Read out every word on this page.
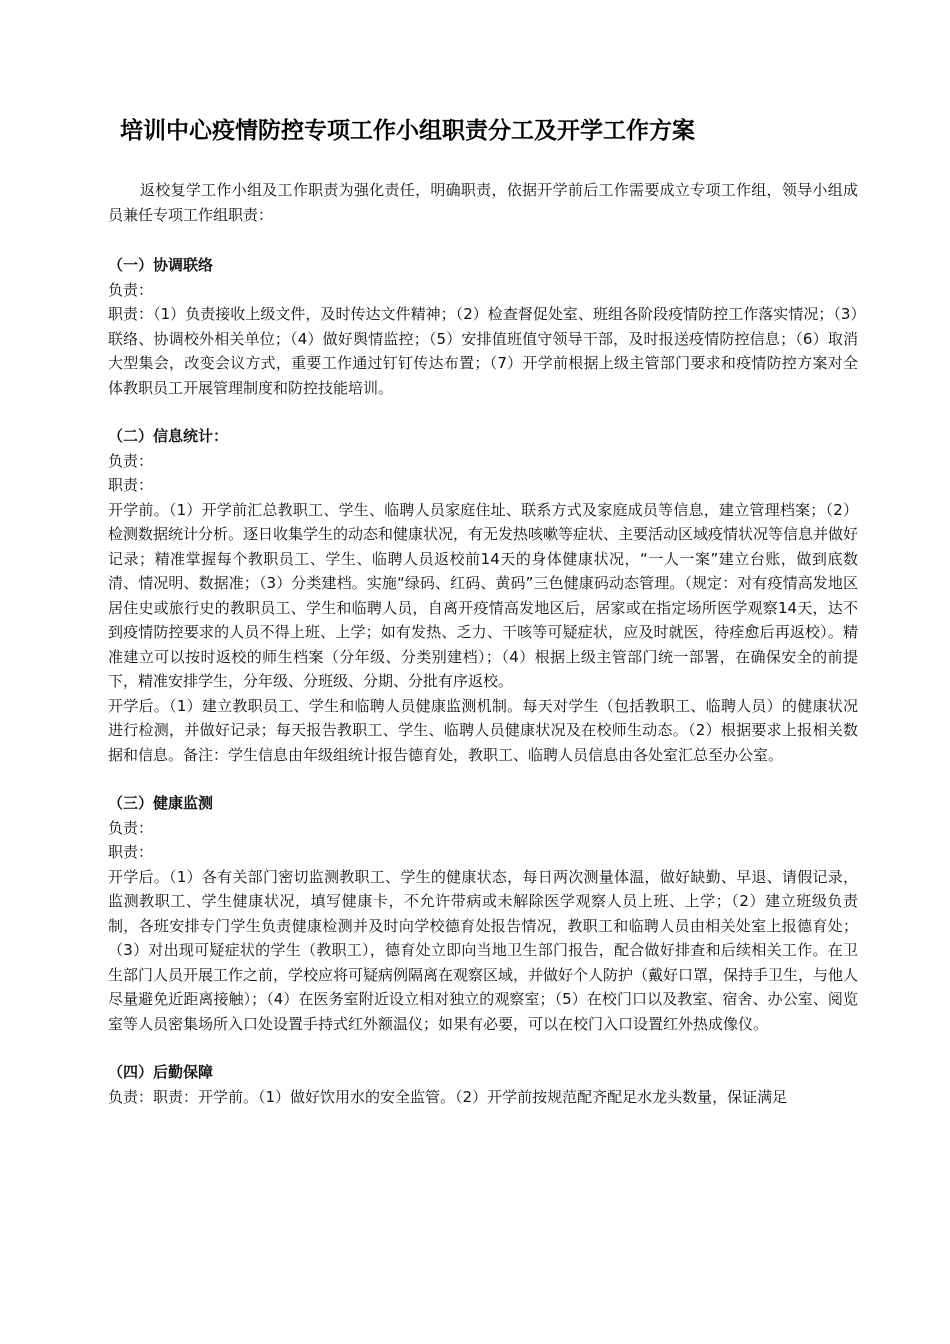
培训中心疫情防控专项工作小组职责分工及开学工作方案

返校复学工作小组及工作职责为强化责任，明确职责，依据开学前后工作需要成立专项工作组，领导小组成员兼任专项工作组职责：

（一）协调联络

负责：

职责：（1）负责接收上级文件，及时传达文件精神；（2）检查督促处室、班组各阶段疫情防控工作落实情况；（3）联络、协调校外相关单位；（4）做好舆情监控；（5）安排值班值守领导干部，及时报送疫情防控信息；（6）取消大型集会，改变会议方式，重要工作通过钉钉传达布置；（7）开学前根据上级主管部门要求和疫情防控方案对全体教职员工开展管理制度和防控技能培训。

（二）信息统计：

负责：

职责：

开学前。（1）开学前汇总教职工、学生、临聘人员家庭住址、联系方式及家庭成员等信息，建立管理档案；（2）检测数据统计分析。逐日收集学生的动态和健康状况，有无发热咳嗽等症状、主要活动区域疫情状况等信息并做好记录；精准掌握每个教职员工、学生、临聘人员返校前14天的身体健康状况，“一人一案”建立台账，做到底数清、情况明、数据准；（3）分类建档。实施“绿码、红码、黄码”三色健康码动态管理。（规定：对有疫情高发地区居住史或旅行史的教职员工、学生和临聘人员，自离开疫情高发地区后，居家或在指定场所医学观察14天，达不到疫情防控要求的人员不得上班、上学；如有发热、乏力、干咳等可疑症状，应及时就医，待痊愈后再返校）。精准建立可以按时返校的师生档案（分年级、分类别建档）；（4）根据上级主管部门统一部署，在确保安全的前提下，精准安排学生，分年级、分班级、分期、分批有序返校。

开学后。（1）建立教职员工、学生和临聘人员健康监测机制。每天对学生（包括教职工、临聘人员）的健康状况进行检测，并做好记录；每天报告教职工、学生、临聘人员健康状况及在校师生动态。（2）根据要求上报相关数据和信息。备注：学生信息由年级组统计报告德育处，教职工、临聘人员信息由各处室汇总至办公室。

（三）健康监测

负责：

职责：

开学后。（1）各有关部门密切监测教职工、学生的健康状态，每日两次测量体温，做好缺勤、早退、请假记录，监测教职工、学生健康状况，填写健康卡，不允许带病或未解除医学观察人员上班、上学；（2）建立班级负责制，各班安排专门学生负责健康检测并及时向学校德育处报告情况，教职工和临聘人员由相关处室上报德育处；（3）对出现可疑症状的学生（教职工），德育处立即向当地卫生部门报告，配合做好排查和后续相关工作。在卫生部门人员开展工作之前，学校应将可疑病例隔离在观察区域，并做好个人防护（戴好口罩，保持手卫生，与他人尽量避免近距离接触）；（4）在医务室附近设立相对独立的观察室；（5）在校门口以及教室、宿舍、办公室、阅览室等人员密集场所入口处设置手持式红外额温仪；如果有必要，可以在校门入口设置红外热成像仪。

（四）后勤保障

负责：职责：开学前。（1）做好饮用水的安全监管。（2）开学前按规范配齐配足水龙头数量，保证满足
